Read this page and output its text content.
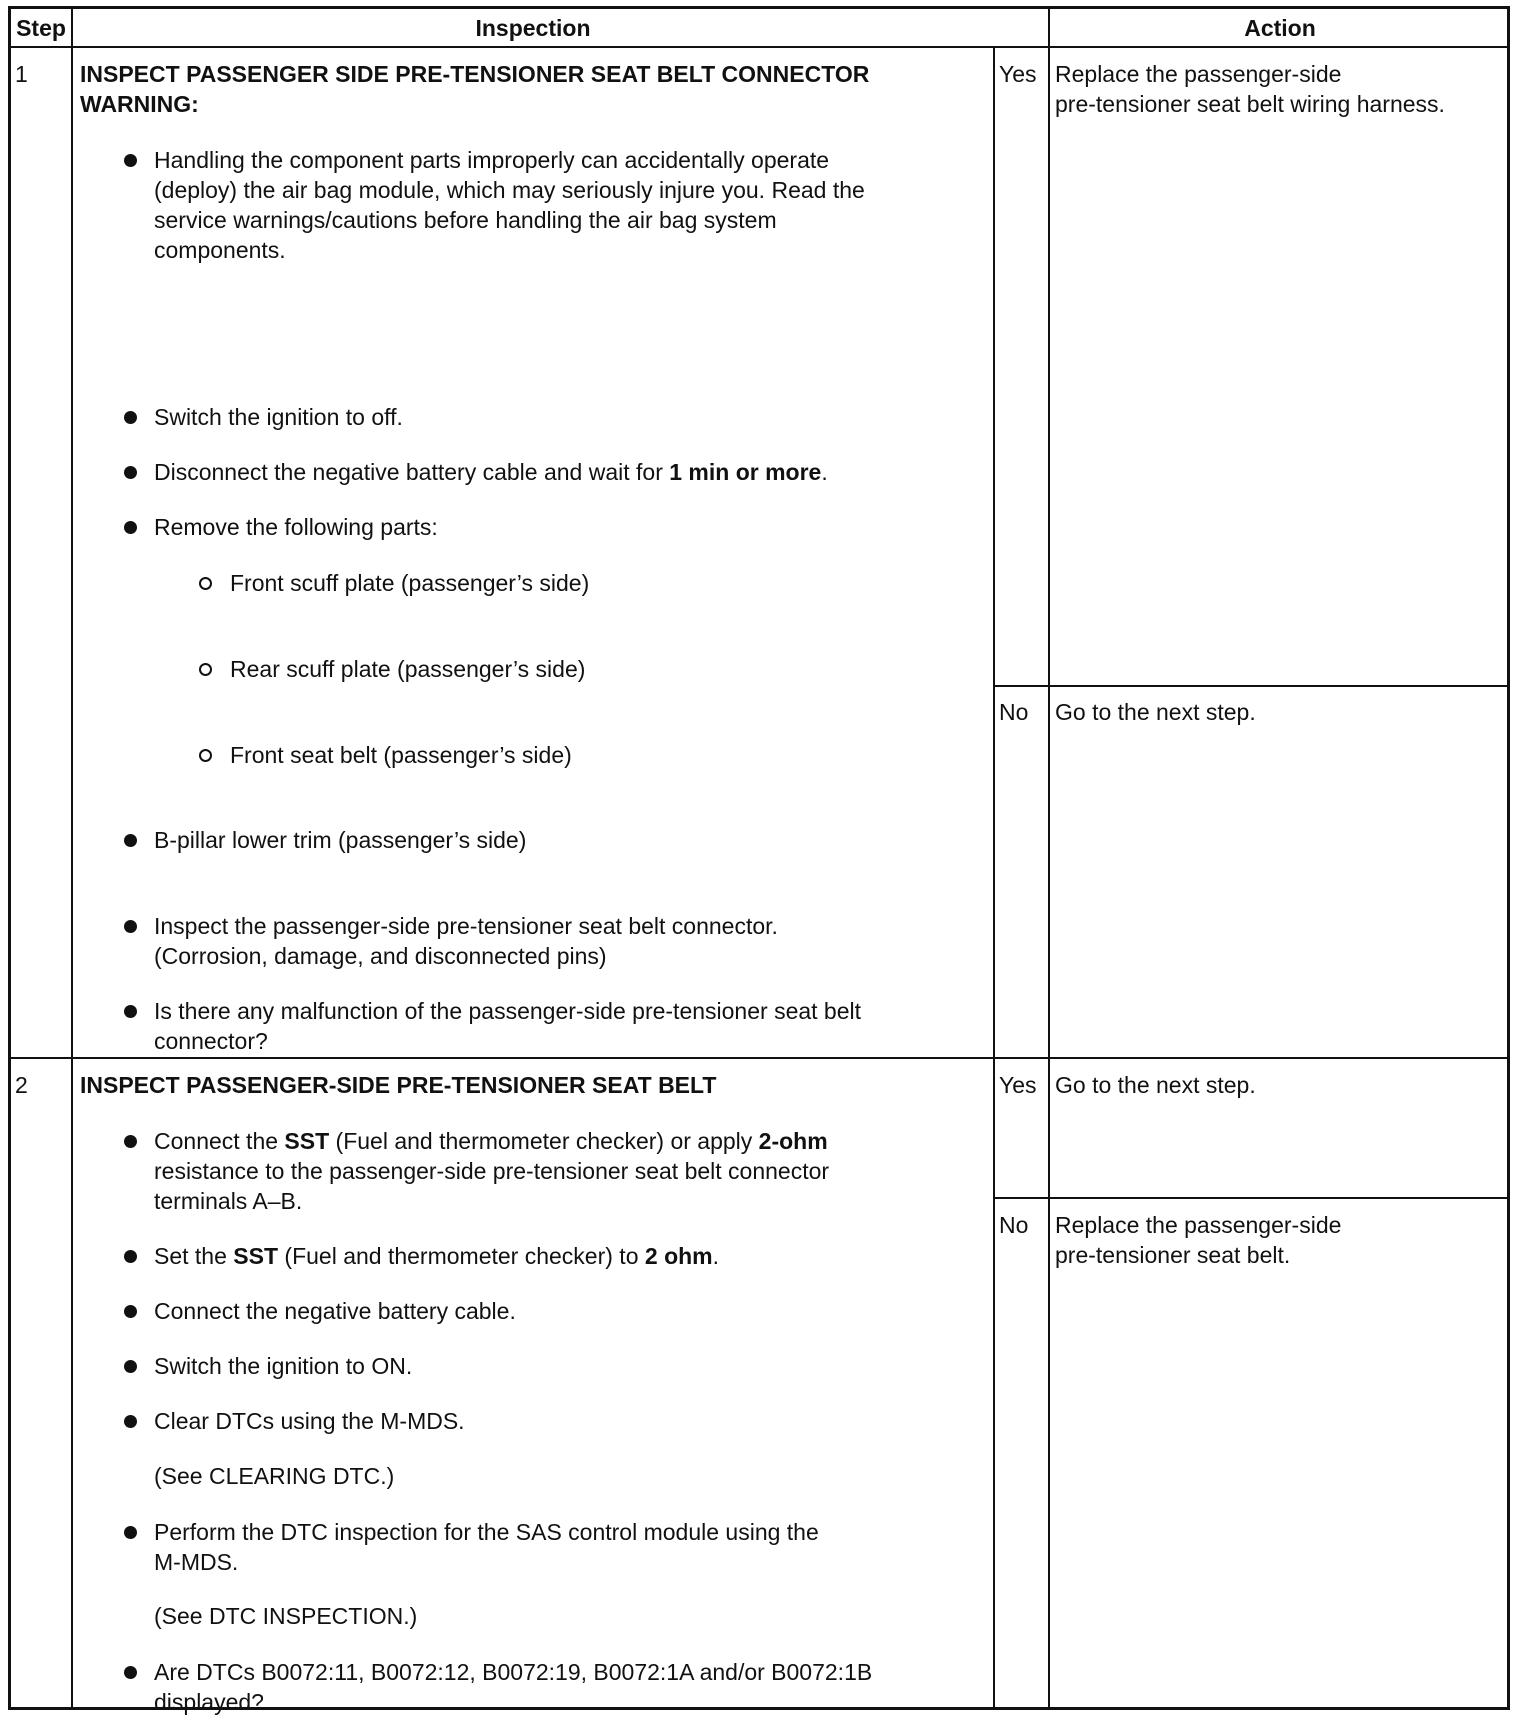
Step	Inspection	Action
1 INSPECT PASSENGER SIDE PRE-TENSIONER SEAT BELT CONNECTOR
WARNING:
Handling the component parts improperly can accidentally operate
(deploy) the air bag module, which may seriously injure you. Read the
service warnings/cautions before handling the air bag system
components.
Switch the ignition to off.
Disconnect the negative battery cable and wait for 1 min or more.
Remove the following parts:
Front scuff plate (passenger’s side)
Rear scuff plate (passenger’s side)
Front seat belt (passenger’s side)
B-pillar lower trim (passenger’s side)
Inspect the passenger-side pre-tensioner seat belt connector.
(Corrosion, damage, and disconnected pins)
Is there any malfunction of the passenger-side pre-tensioner seat belt
connector?
Yes Replace the passenger-side
pre-tensioner seat belt wiring harness.
No Go to the next step.
2 INSPECT PASSENGER-SIDE PRE-TENSIONER SEAT BELT
Connect the SST (Fuel and thermometer checker) or apply 2-ohm
resistance to the passenger-side pre-tensioner seat belt connector
terminals A–B.
Set the SST (Fuel and thermometer checker) to 2 ohm.
Connect the negative battery cable.
Switch the ignition to ON.
Clear DTCs using the M-MDS.
(See CLEARING DTC.)
Perform the DTC inspection for the SAS control module using the
M-MDS.
(See DTC INSPECTION.)
Are DTCs B0072:11, B0072:12, B0072:19, B0072:1A and/or B0072:1B
displayed?
Yes Go to the next step.
No Replace the passenger-side
pre-tensioner seat belt.
